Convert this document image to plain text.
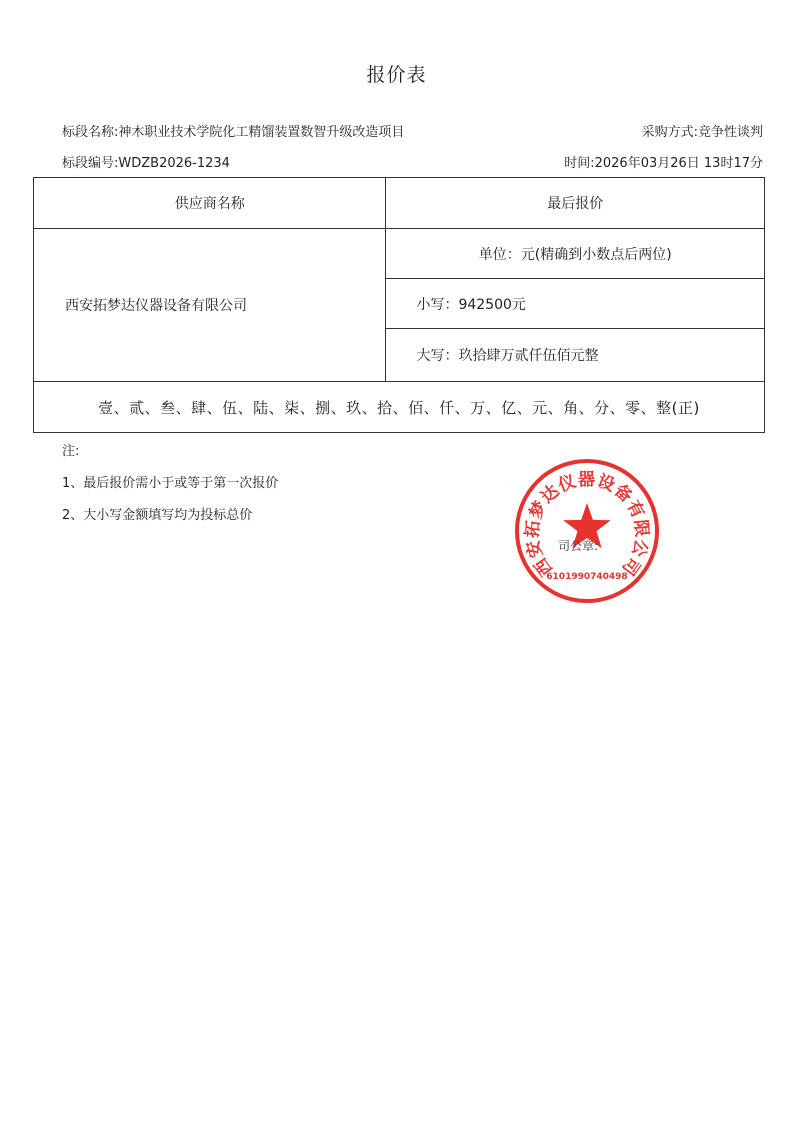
报价表
标段名称:神木职业技术学院化工精馏装置数智升级改造项目	采购方式:竞争性谈判
标段编号:WDZB2026-1234	时间:2026年03月26日 13时17分
供应商名称	最后报价
西安拓梦达仪器设备有限公司	单位：元(精确到小数点后两位)
	小写：942500元
	大写：玖拾肆万贰仟伍佰元整
壹、贰、叁、肆、伍、陆、柒、捌、玖、拾、佰、仟、万、亿、元、角、分、零、整(正)	
注:
1、最后报价需小于或等于第一次报价
2、大小写金额填写均为投标总价
西安拓梦达仪器设备有限公司
6101990740498
司公章:
